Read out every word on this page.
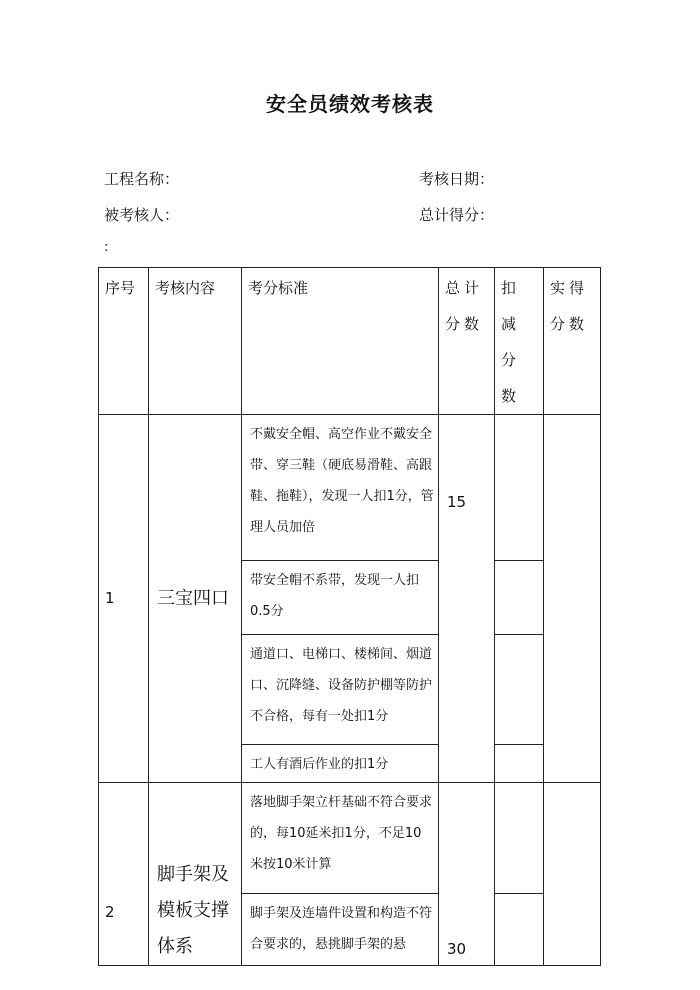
安全员绩效考核表
工程名称：	考核日期：
被考核人：	总计得分：
:
序号	考核内容	考分标准	总计分数	扣减分数	实得分数
1	三宝四口	不戴安全帽、高空作业不戴安全带、穿三鞋（硬底易滑鞋、高跟鞋、拖鞋），发现一人扣1分，管理人员加倍	15		
		带安全帽不系带，发现一人扣0.5分			
		通道口、电梯口、楼梯间、烟道口、沉降缝、设备防护棚等防护不合格，每有一处扣1分			
		工人有酒后作业的扣1分			
2	脚手架及模板支撑体系	落地脚手架立杆基础不符合要求的，每10延米扣1分，不足10米按10米计算	30		
		脚手架及连墙件设置和构造不符合要求的，悬挑脚手架的悬			
